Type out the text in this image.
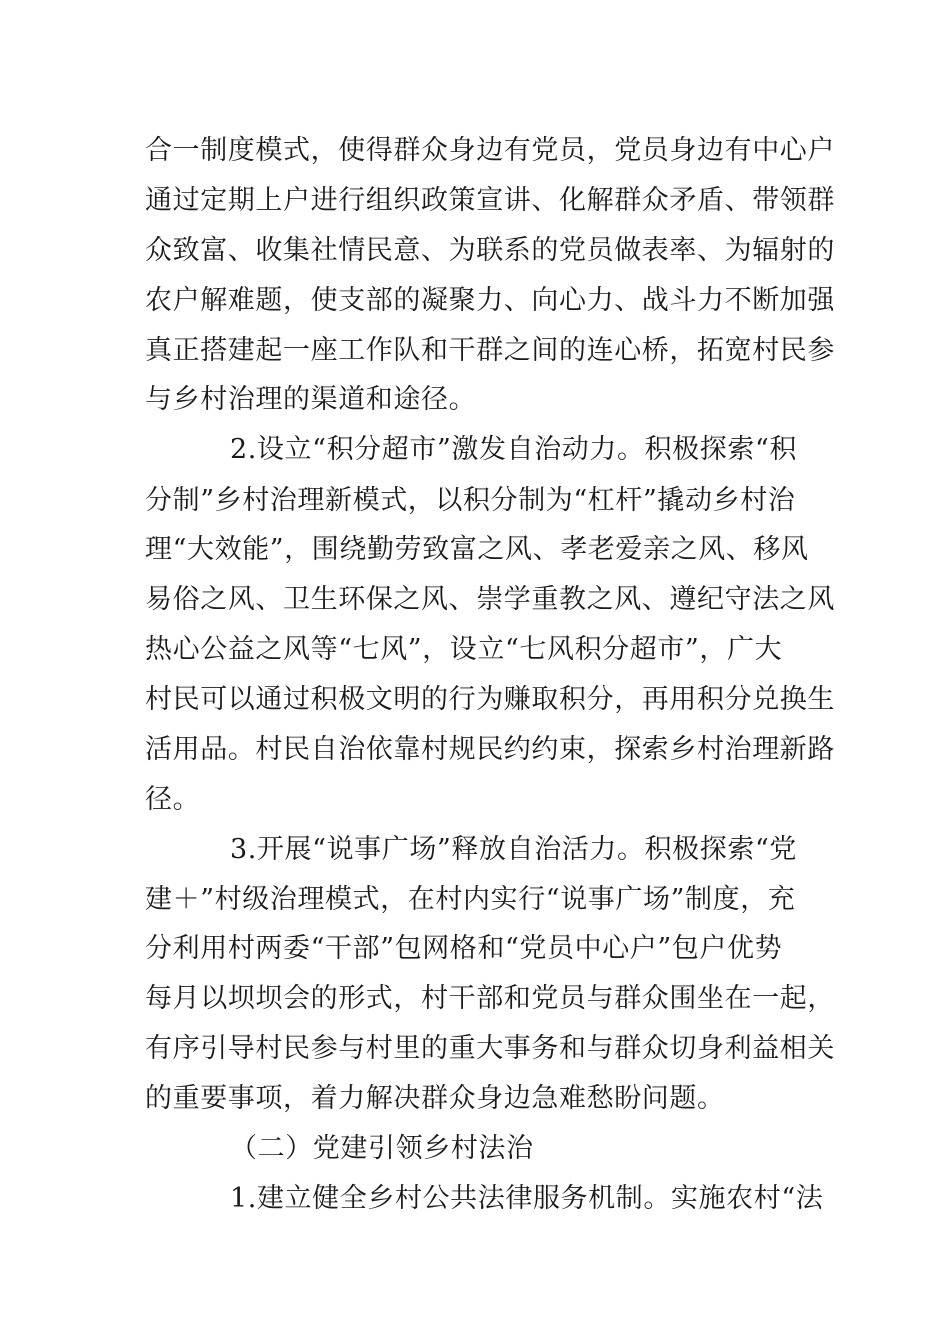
合一制度模式，使得群众身边有党员，党员身边有中心户
通过定期上户进行组织政策宣讲、化解群众矛盾、带领群
众致富、收集社情民意、为联系的党员做表率、为辐射的
农户解难题，使支部的凝聚力、向心力、战斗力不断加强
真正搭建起一座工作队和干群之间的连心桥，拓宽村民参
与乡村治理的渠道和途径。
2.设立“积分超市”激发自治动力。积极探索“积
分制”乡村治理新模式，以积分制为“杠杆”撬动乡村治
理“大效能”，围绕勤劳致富之风、孝老爱亲之风、移风
易俗之风、卫生环保之风、崇学重教之风、遵纪守法之风
热心公益之风等“七风”，设立“七风积分超市”，广大
村民可以通过积极文明的行为赚取积分，再用积分兑换生
活用品。村民自治依靠村规民约约束，探索乡村治理新路
径。
3.开展“说事广场”释放自治活力。积极探索“党
建＋”村级治理模式，在村内实行“说事广场”制度，充
分利用村两委“干部”包网格和“党员中心户”包户优势
每月以坝坝会的形式，村干部和党员与群众围坐在一起，
有序引导村民参与村里的重大事务和与群众切身利益相关
的重要事项，着力解决群众身边急难愁盼问题。
（二）党建引领乡村法治
1.建立健全乡村公共法律服务机制。实施农村“法
